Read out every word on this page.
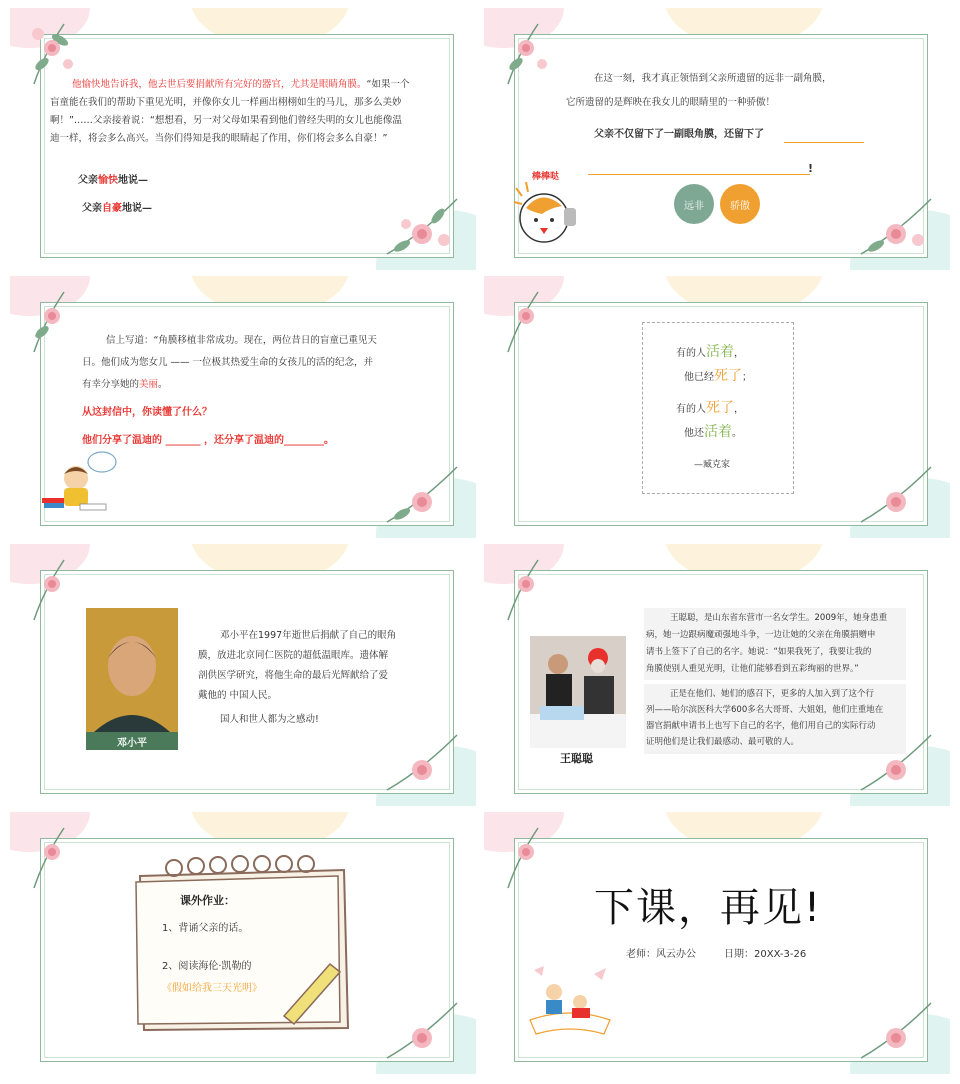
他愉快地告诉我，他去世后要捐献所有完好的器官，尤其是眼睛角膜。“如果一个盲童能在我们的帮助下重见光明，并像你女儿一样画出栩栩如生的马儿，那多么美妙啊！”……父亲接着说：“想想看，另一对父母如果看到他们曾经失明的女儿也能像温迪一样，将会多么高兴。当你们得知是我的眼睛起了作用，你们将会多么自豪！”
父亲愉快地说—
父亲自豪地说—
在这一刻，我才真正领悟到父亲所遗留的远非一副角膜，
它所遗留的是辉映在我女儿的眼睛里的一种骄傲！
父亲不仅留下了一副眼角膜，还留下了
!
棒棒哒
远非	骄傲
信上写道：“角膜移植非常成功。现在，两位昔日的盲童已重见天
日。他们成为您女儿 —— 一位极其热爱生命的女孩儿的活的纪念，并
有幸分享她的美丽。
从这封信中，你读懂了什么？
他们分享了温迪的 _______ ，还分享了温迪的________。
有的人活着，
他已经死了；
有的人死了，
他还活着。
—臧克家
邓小平
邓小平在1997年逝世后捐献了自己的眼角
膜，放进北京同仁医院的超低温眼库。遗体解
剖供医学研究，将他生命的最后光辉献给了爱
戴他的 中国人民。
国人和世人都为之感动!
王聪聪
王聪聪，是山东省东营市一名女学生。2009年，她身患重
病，她一边跟病魔顽强地斗争，一边让她的父亲在角膜捐赠申
请书上签下了自己的名字。她说：“如果我死了，我要让我的
角膜使别人重见光明，让他们能够看到五彩绚丽的世界。”
正是在他们、她们的感召下，更多的人加入到了这个行
列——哈尔滨医科大学600多名大哥哥、大姐姐，他们庄重地在
器官捐献申请书上也写下自己的名字，他们用自己的实际行动
证明他们是让我们最感动、最可敬的人。
课外作业：
1、背诵父亲的话。
2、阅读海伦·凯勒的
《假如给我三天光明》
下课，再见!
老师：风云办公	日期：20XX-3-26
